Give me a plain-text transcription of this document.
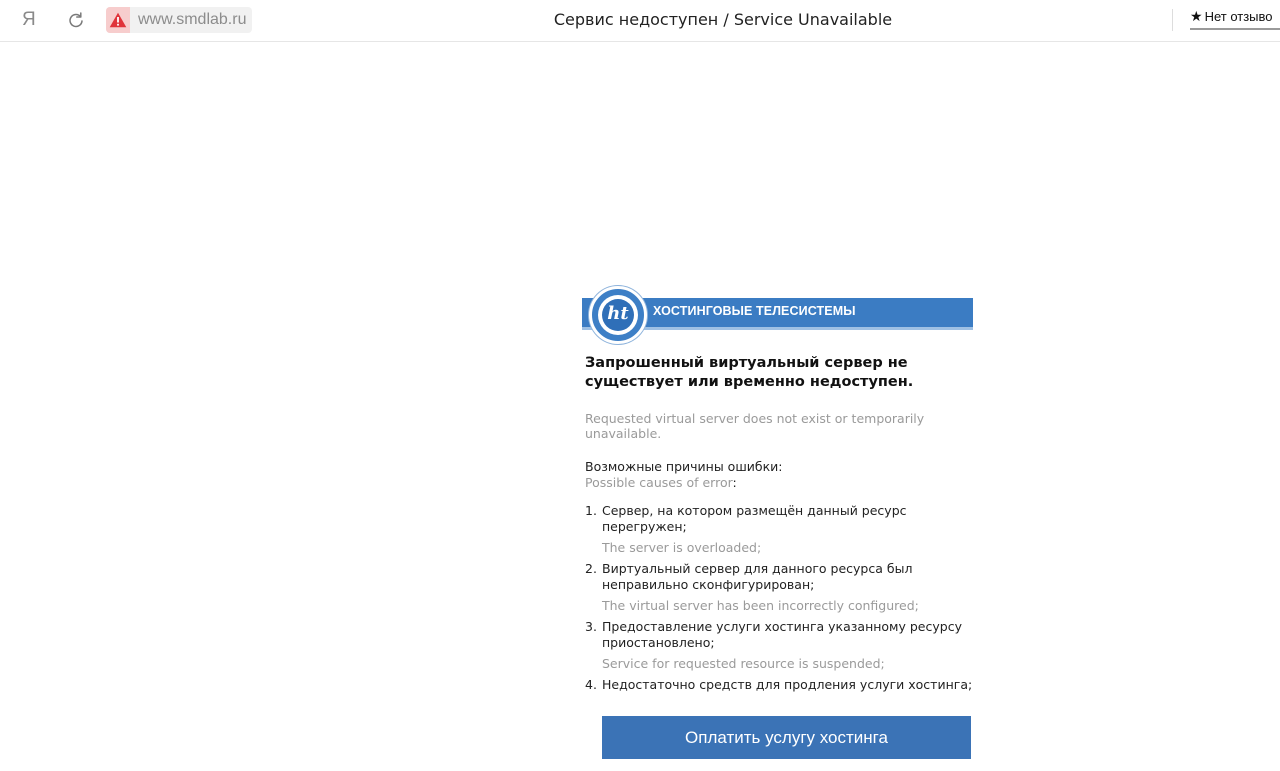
Я	www.smdlab.ru	Сервис недоступен / Service Unavailable	★ Нет отзыво
ХОСТИНГОВЫЕ ТЕЛЕСИСТЕМЫ
ht

Запрошенный виртуальный сервер не существует или временно недоступен.

Requested virtual server does not exist or temporarily unavailable.

Возможные причины ошибки:

Possible causes of error:

1. Сервер, на котором размещён данный ресурс перегружен;
The server is overloaded;
2. Виртуальный сервер для данного ресурса был неправильно сконфигурирован;
The virtual server has been incorrectly configured;
3. Предоставление услуги хостинга указанному ресурсу приостановлено;
Service for requested resource is suspended;
4. Недостаточно средств для продления услуги хостинга;
Оплатить услугу хостинга
